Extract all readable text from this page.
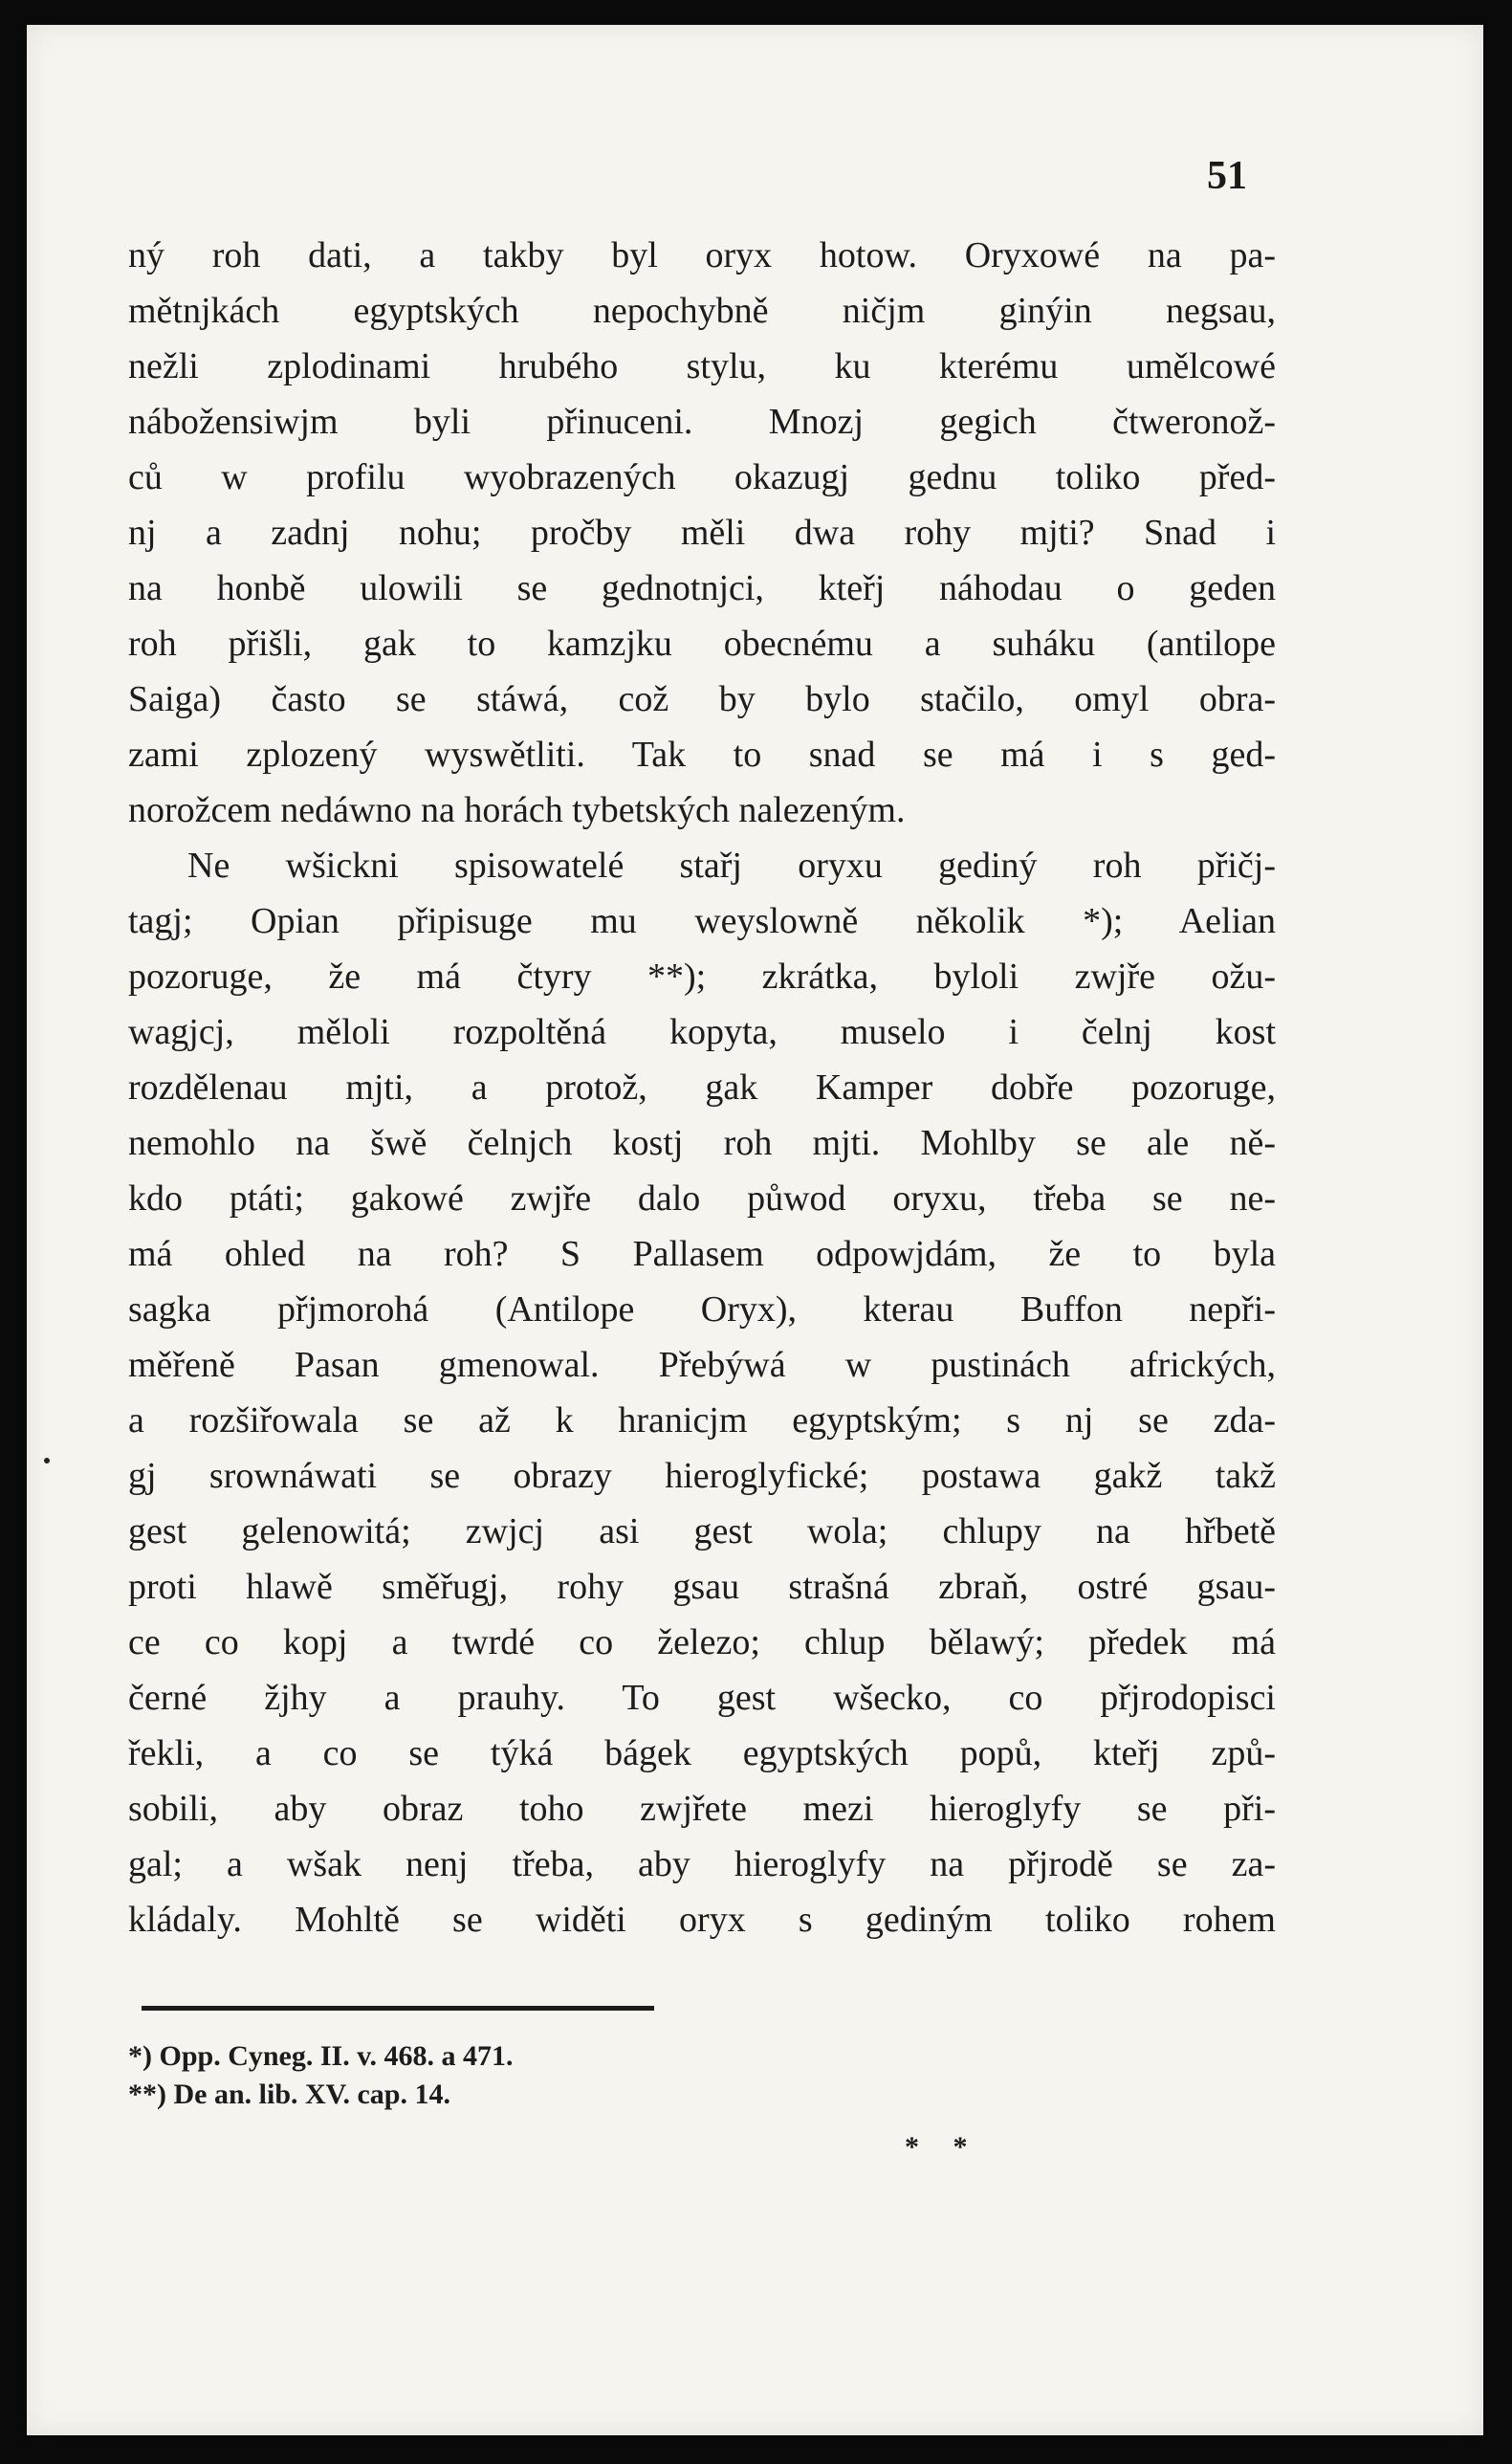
51
ný roh dati, a takby byl oryx hotow. Oryxowé na pa-
mětnjkách egyptských nepochybně ničjm ginýin negsau,
nežli zplodinami hrubého stylu, ku kterému umělcowé
nábožensiwjm byli přinuceni. Mnozj gegich čtweronož-
ců w profilu wyobrazených okazugj gednu toliko před-
nj a zadnj nohu; pročby měli dwa rohy mjti? Snad i
na honbě ulowili se gednotnjci, kteřj náhodau o geden
roh přišli, gak to kamzjku obecnému a suháku (antilope
Saiga) často se stáwá, což by bylo stačilo, omyl obra-
zami zplozený wyswětliti. Tak to snad se má i s ged-
norožcem nedáwno na horách tybetských nalezeným.
Ne wšickni spisowatelé stařj oryxu gediný roh přičj-
tagj; Opian připisuge mu weyslowně několik *); Aelian
pozoruge, že má čtyry **); zkrátka, byloli zwjře ožu-
wagjcj, měloli rozpoltěná kopyta, muselo i čelnj kost
rozdělenau mjti, a protož, gak Kamper dobře pozoruge,
nemohlo na šwě čelnjch kostj roh mjti. Mohlby se ale ně-
kdo ptáti; gakowé zwjře dalo půwod oryxu, třeba se ne-
má ohled na roh? S Pallasem odpowjdám, že to byla
sagka přjmorohá (Antilope Oryx), kterau Buffon nepři-
měřeně Pasan gmenowal. Přebýwá w pustinách afrických,
a rozšiřowala se až k hranicjm egyptským; s nj se zda-
gj srownáwati se obrazy hieroglyfické; postawa gakž takž
gest gelenowitá; zwjcj asi gest wola; chlupy na hřbetě
proti hlawě směřugj, rohy gsau strašná zbraň, ostré gsau-
ce co kopj a twrdé co železo; chlup bělawý; předek má
černé žjhy a prauhy. To gest wšecko, co přjrodopisci
řekli, a co se týká bágek egyptských popů, kteřj způ-
sobili, aby obraz toho zwjřete mezi hieroglyfy se při-
gal; a wšak nenj třeba, aby hieroglyfy na přjrodě se za-
kládaly. Mohltě se widěti oryx s gediným toliko rohem
*) Opp. Cyneg. II. v. 468. a 471.
**) De an. lib. XV. cap. 14.
* *
